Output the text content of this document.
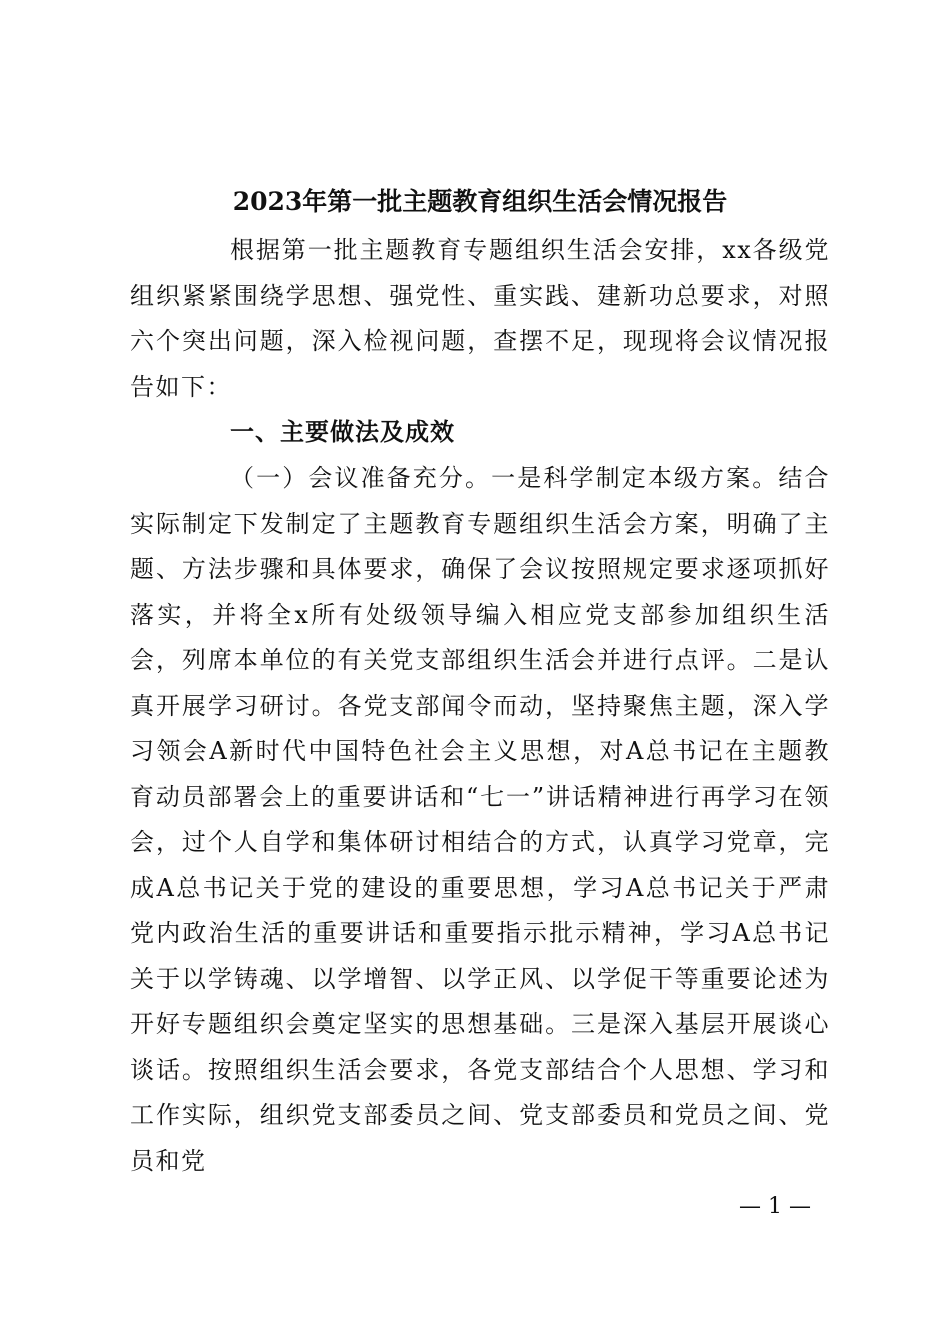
2023年第一批主题教育组织生活会情况报告

根据第一批主题教育专题组织生活会安排，xx各级党组织紧紧围绕学思想、强党性、重实践、建新功总要求，对照六个突出问题，深入检视问题，查摆不足，现现将会议情况报告如下：

一、主要做法及成效

（一）会议准备充分。一是科学制定本级方案。结合实际制定下发制定了主题教育专题组织生活会方案，明确了主题、方法步骤和具体要求，确保了会议按照规定要求逐项抓好落实，并将全x所有处级领导编入相应党支部参加组织生活会，列席本单位的有关党支部组织生活会并进行点评。二是认真开展学习研讨。各党支部闻令而动，坚持聚焦主题，深入学习领会A新时代中国特色社会主义思想，对A总书记在主题教育动员部署会上的重要讲话和“七一”讲话精神进行再学习在领会，过个人自学和集体研讨相结合的方式，认真学习党章，完成A总书记关于党的建设的重要思想，学习A总书记关于严肃党内政治生活的重要讲话和重要指示批示精神，学习A总书记关于以学铸魂、以学增智、以学正风、以学促干等重要论述为开好专题组织会奠定坚实的思想基础。三是深入基层开展谈心谈话。按照组织生活会要求，各党支部结合个人思想、学习和工作实际，组织党支部委员之间、党支部委员和党员之间、党员和党

— 1 —
